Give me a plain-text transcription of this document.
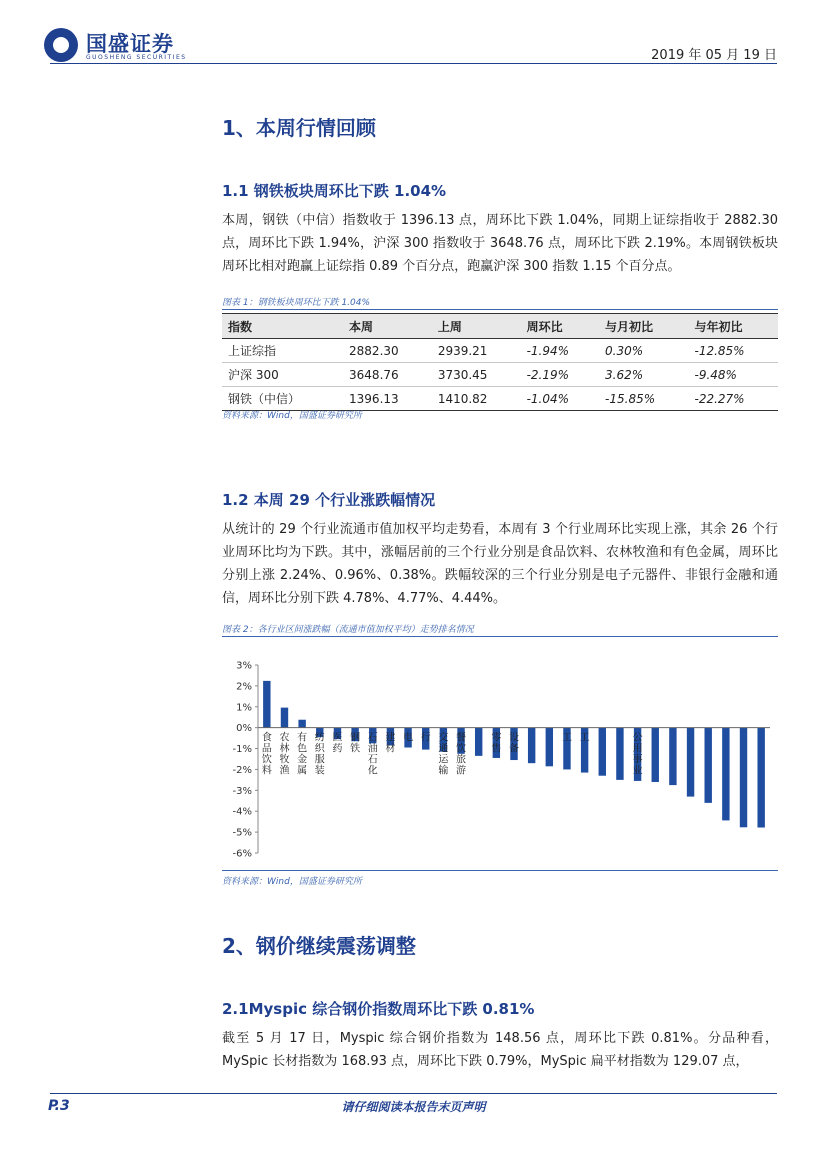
国盛证券
GUOSHENG SECURITIES	2019 年 05 月 19 日
1、本周行情回顾
1.1 钢铁板块周环比下跌 1.04%
本周，钢铁（中信）指数收于 1396.13 点，周环比下跌 1.04%，同期上证综指收于 2882.30 点，周环比下跌 1.94%，沪深 300 指数收于 3648.76 点，周环比下跌 2.19%。本周钢铁板块周环比相对跑赢上证综指 0.89 个百分点，跑赢沪深 300 指数 1.15 个百分点。
图表 1：钢铁板块周环比下跌 1.04%
指数	本周	上周	周环比	与月初比	与年初比
上证综指	2882.30	2939.21	-1.94%	0.30%	-12.85%
沪深 300	3648.76	3730.45	-2.19%	3.62%	-9.48%
钢铁（中信）	1396.13	1410.82	-1.04%	-15.85%	-22.27%
资料来源：Wind，国盛证券研究所
1.2 本周 29 个行业涨跌幅情况
从统计的 29 个行业流通市值加权平均走势看，本周有 3 个行业周环比实现上涨，其余 26 个行业周环比均为下跌。其中，涨幅居前的三个行业分别是食品饮料、农林牧渔和有色金属，周环比分别上涨 2.24%、0.96%、0.38%。跌幅较深的三个行业分别是电子元器件、非银行金融和通信，周环比分别下跌 4.78%、4.77%、4.44%。
图表 2：各行业区间涨跌幅（流通市值加权平均）走势排名情况
3%
2%
1%
0%
-1%
-2%
-3%
-4%
-5%
-6%
食品饮料
农林牧渔
有色金属
纺织服装
医药
钢铁
石油石化
建材
电 行 交通运输
餐饮旅游
零售
设备
工 工	公用事业
资料来源：Wind，国盛证券研究所
2、钢价继续震荡调整
2.1Myspic 综合钢价指数周环比下跌 0.81%
截至 5 月 17 日，Myspic 综合钢价指数为 148.56 点，周环比下跌 0.81%。分品种看，MySpic 长材指数为 168.93 点，周环比下跌 0.79%，MySpic 扁平材指数为 129.07 点，
P.3	请仔细阅读本报告末页声明
